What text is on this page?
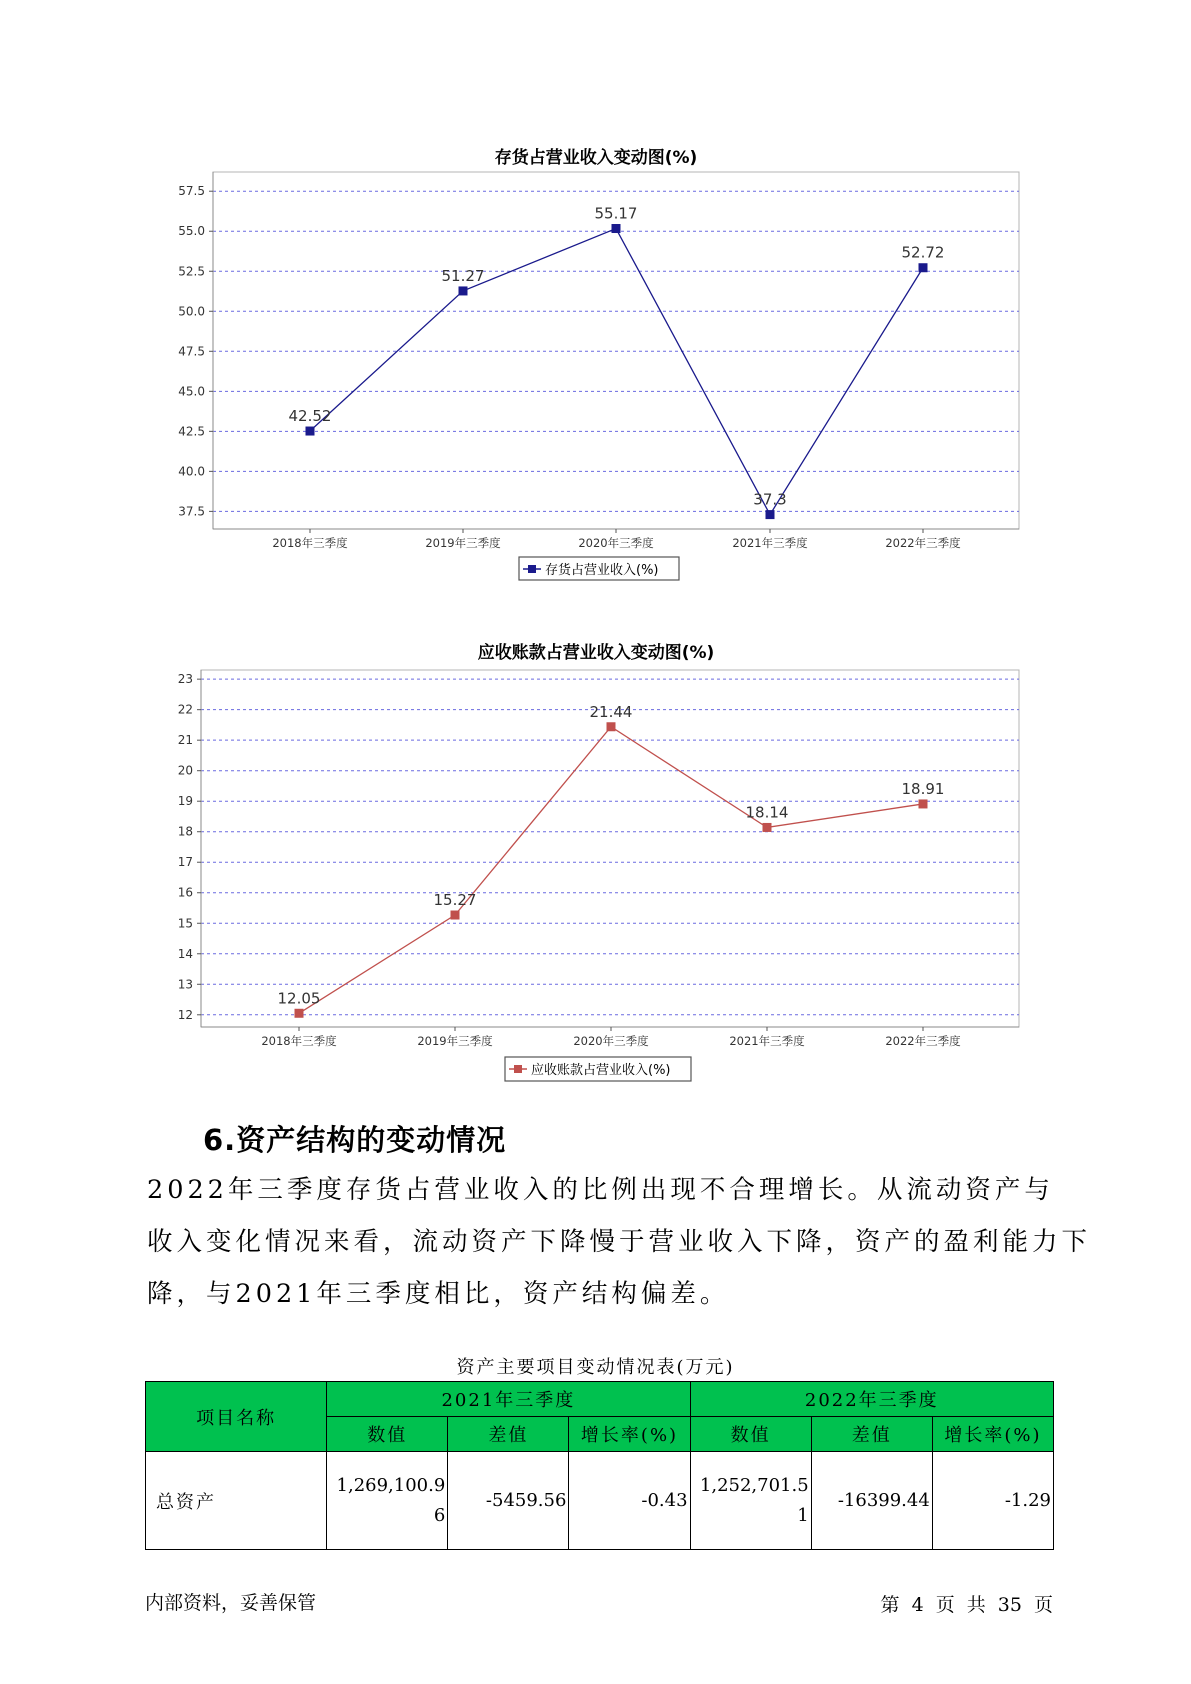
存货占营业收入变动图(%)
37.5
40.0
42.5
45.0
47.5
50.0
52.5
55.0
57.5
2018年三季度	2019年三季度	2020年三季度	2021年三季度	2022年三季度
42.52
51.27
55.17
37.3
52.72
存货占营业收入(%)
应收账款占营业收入变动图(%)
12
13
14
15
16
17
18
19
20
21
22
23
2018年三季度	2019年三季度	2020年三季度	2021年三季度	2022年三季度
12.05
15.27
21.44
18.14
18.91
应收账款占营业收入(%)
6.资产结构的变动情况
2022年三季度存货占营业收入的比例出现不合理增长。从流动资产与
收入变化情况来看，流动资产下降慢于营业收入下降，资产的盈利能力下
降，与2021年三季度相比，资产结构偏差。
资产主要项目变动情况表(万元)
项目名称	2021年三季度			2022年三季度		
	数值	差值	增长率(%)	数值	差值	增长率(%)
总资产	1,269,100.96	-5459.56	-0.43	1,252,701.51	-16399.44	-1.29
内部资料，妥善保管	第 4 页 共 35 页
